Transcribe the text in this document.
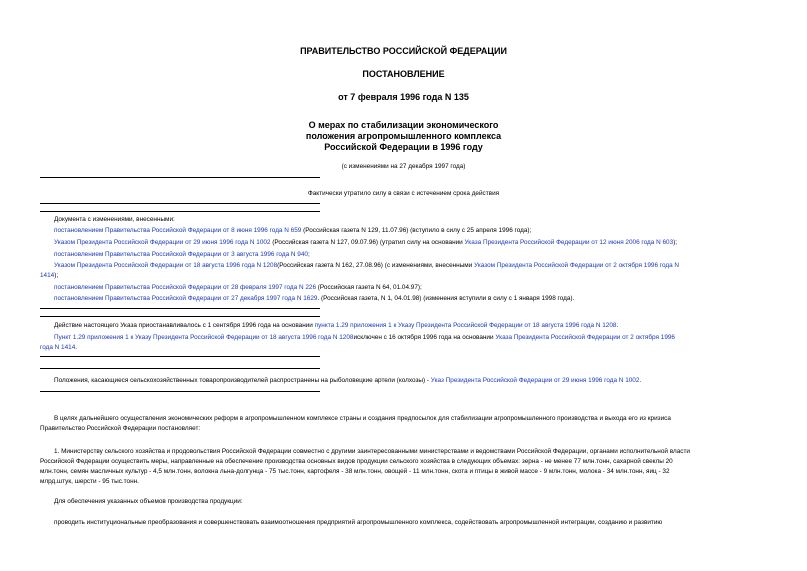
ПРАВИТЕЛЬСТВО РОССИЙСКОЙ ФЕДЕРАЦИИ
ПОСТАНОВЛЕНИЕ
от 7 февраля 1996 года N 135
О мерах по стабилизации экономического
положения агропромышленного комплекса
Российской Федерации в 1996 году
(с изменениями на 27 декабря 1997 года)
Фактически утратило силу в связи с истечением срока действия
Документа с изменениями, внесенными:
постановлением Правительства Российской Федерации от 8 июня 1996 года N 659 (Российская газета N 129, 11.07.96) (вступило в силу с 25 апреля 1996 года);
Указом Президента Российской Федерации от 29 июня 1996 года N 1002 (Российская газета N 127, 09.07.96) (утратил силу на основании Указа Президента Российской Федерации от 12 июня 2006 года N 603);
постановлением Правительства Российской Федерации от 3 августа 1996 года N 940;
Указом Президента Российской Федерации от 18 августа 1996 года N 1208(Российская газета N 162, 27.08.96) (с изменениями, внесенными Указом Президента Российской Федерации от 2 октября 1996 года N
1414);
постановлением Правительства Российской Федерации от 28 февраля 1997 года N 226 (Российская газета N 64, 01.04.97);
постановлением Правительства Российской Федерации от 27 декабря 1997 года N 1629. (Российская газета, N 1, 04.01.98) (изменения вступили в силу с 1 января 1998 года).
Действие настоящего Указа приостанавливалось с 1 сентября 1996 года на основании пункта 1.29 приложения 1 к Указу Президента Российской Федерации от 18 августа 1996 года N 1208.
Пункт 1.29 приложения 1 к Указу Президента Российской Федерации от 18 августа 1996 года N 1208исключен с 16 октября 1996 года на основании Указа Президента Российской Федерации от 2 октября 1996
года N 1414.
Положения, касающиеся сельскохозяйственных товаропроизводителей распространены на рыболовецкие артели (колхозы) - Указ Президента Российской Федерации от 29 июня 1996 года N 1002.
В целях дальнейшего осуществления экономических реформ в агропромышленном комплексе страны и создания предпосылок для стабилизации агропромышленного производства и выхода его из кризиса
Правительство Российской Федерации постановляет:
1. Министерству сельского хозяйства и продовольствия Российской Федерации совместно с другими заинтересованными министерствами и ведомствами Российской Федерации, органами исполнительной власти
Российской Федерации осуществить меры, направленные на обеспечение производства основных видов продукции сельского хозяйства в следующих объемах: зерна - не менее 77 млн.тонн, сахарной свеклы 20
млн.тонн, семян масличных культур - 4,5 млн.тонн, волокна льна-долгунца - 75 тыс.тонн, картофеля - 38 млн.тонн, овощей - 11 млн.тонн, скота и птицы в живой массе - 9 млн.тонн, молока - 34 млн.тонн, яиц - 32
млрд.штук, шерсти - 95 тыс.тонн.
Для обеспечения указанных объемов производства продукции:
проводить институциональные преобразования и совершенствовать взаимоотношения предприятий агропромышленного комплекса, содействовать агропромышленной интеграции, созданию и развитию
